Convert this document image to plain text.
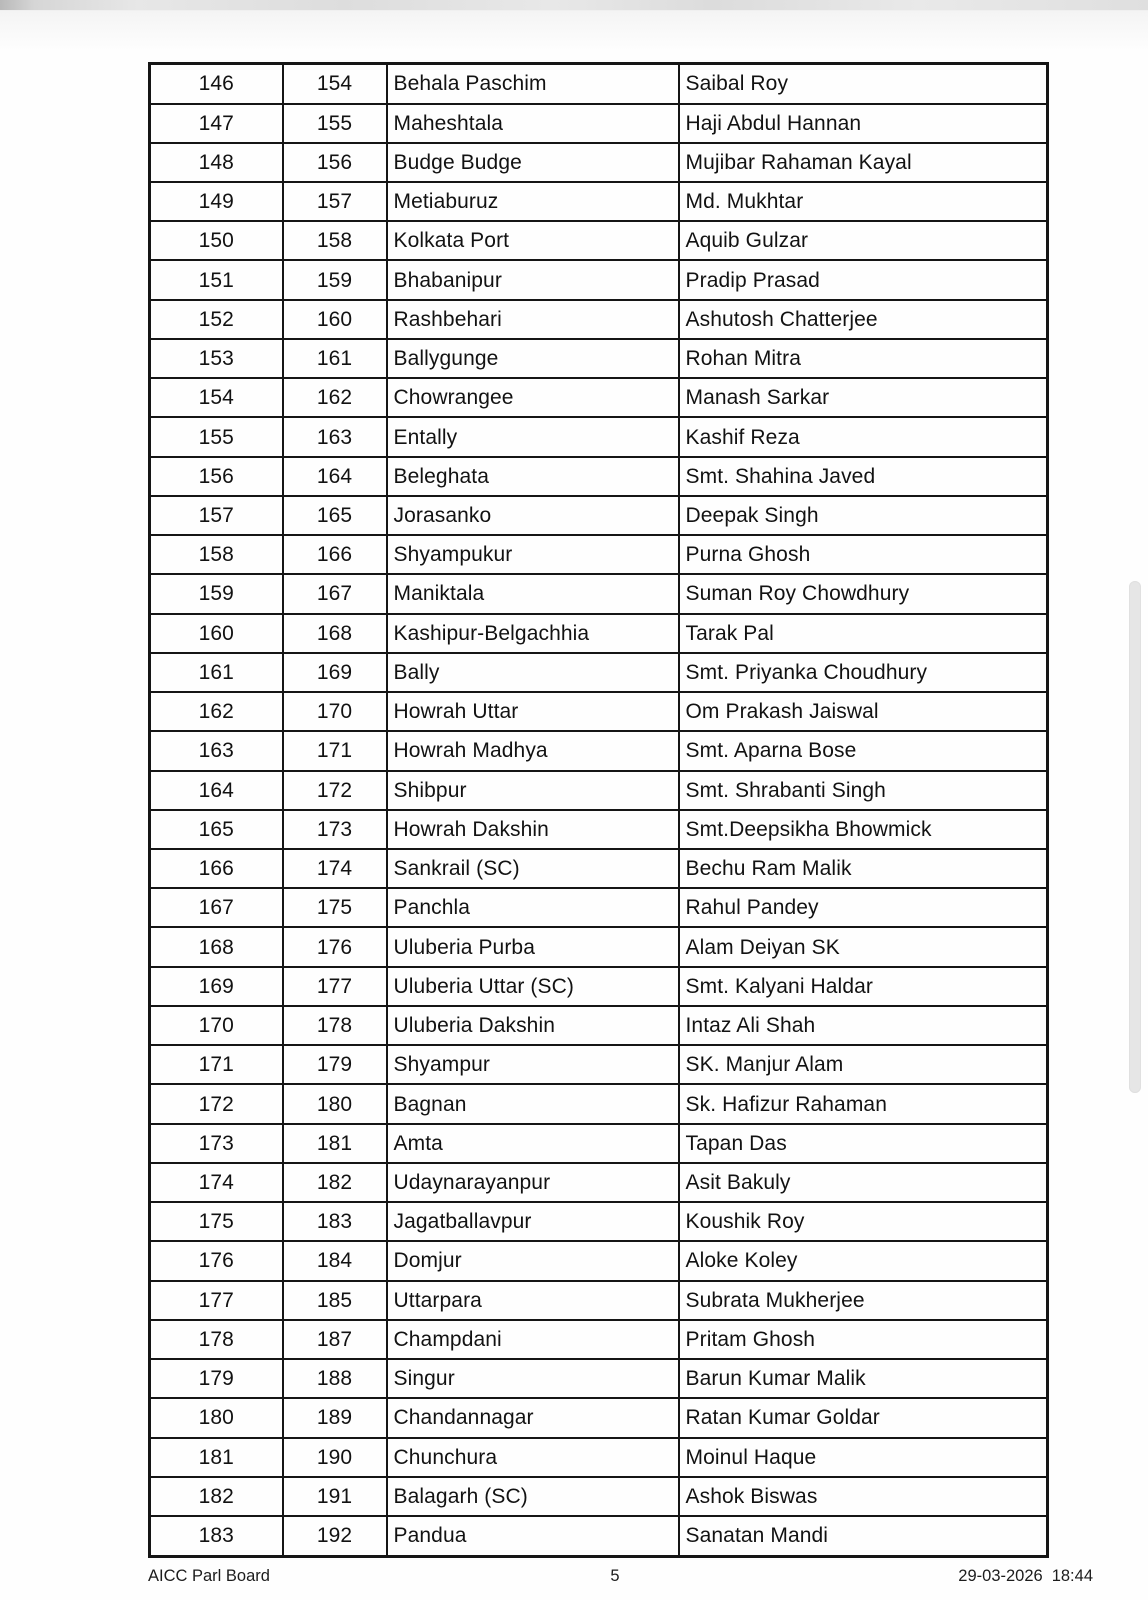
146	154	Behala Paschim	Saibal Roy
147	155	Maheshtala	Haji Abdul Hannan
148	156	Budge Budge	Mujibar Rahaman Kayal
149	157	Metiaburuz	Md. Mukhtar
150	158	Kolkata Port	Aquib Gulzar
151	159	Bhabanipur	Pradip Prasad
152	160	Rashbehari	Ashutosh Chatterjee
153	161	Ballygunge	Rohan Mitra
154	162	Chowrangee	Manash Sarkar
155	163	Entally	Kashif Reza
156	164	Beleghata	Smt. Shahina Javed
157	165	Jorasanko	Deepak Singh
158	166	Shyampukur	Purna Ghosh
159	167	Maniktala	Suman Roy Chowdhury
160	168	Kashipur-Belgachhia	Tarak Pal
161	169	Bally	Smt. Priyanka Choudhury
162	170	Howrah Uttar	Om Prakash Jaiswal
163	171	Howrah Madhya	Smt. Aparna Bose
164	172	Shibpur	Smt. Shrabanti Singh
165	173	Howrah Dakshin	Smt.Deepsikha Bhowmick
166	174	Sankrail (SC)	Bechu Ram Malik
167	175	Panchla	Rahul Pandey
168	176	Uluberia Purba	Alam Deiyan SK
169	177	Uluberia Uttar (SC)	Smt. Kalyani Haldar
170	178	Uluberia Dakshin	Intaz Ali Shah
171	179	Shyampur	SK. Manjur Alam
172	180	Bagnan	Sk. Hafizur Rahaman
173	181	Amta	Tapan Das
174	182	Udaynarayanpur	Asit Bakuly
175	183	Jagatballavpur	Koushik Roy
176	184	Domjur	Aloke Koley
177	185	Uttarpara	Subrata Mukherjee
178	187	Champdani	Pritam Ghosh
179	188	Singur	Barun Kumar Malik
180	189	Chandannagar	Ratan Kumar Goldar
181	190	Chunchura	Moinul Haque
182	191	Balagarh (SC)	Ashok Biswas
183	192	Pandua	Sanatan Mandi
AICC Parl Board	5	29-03-2026 18:44
